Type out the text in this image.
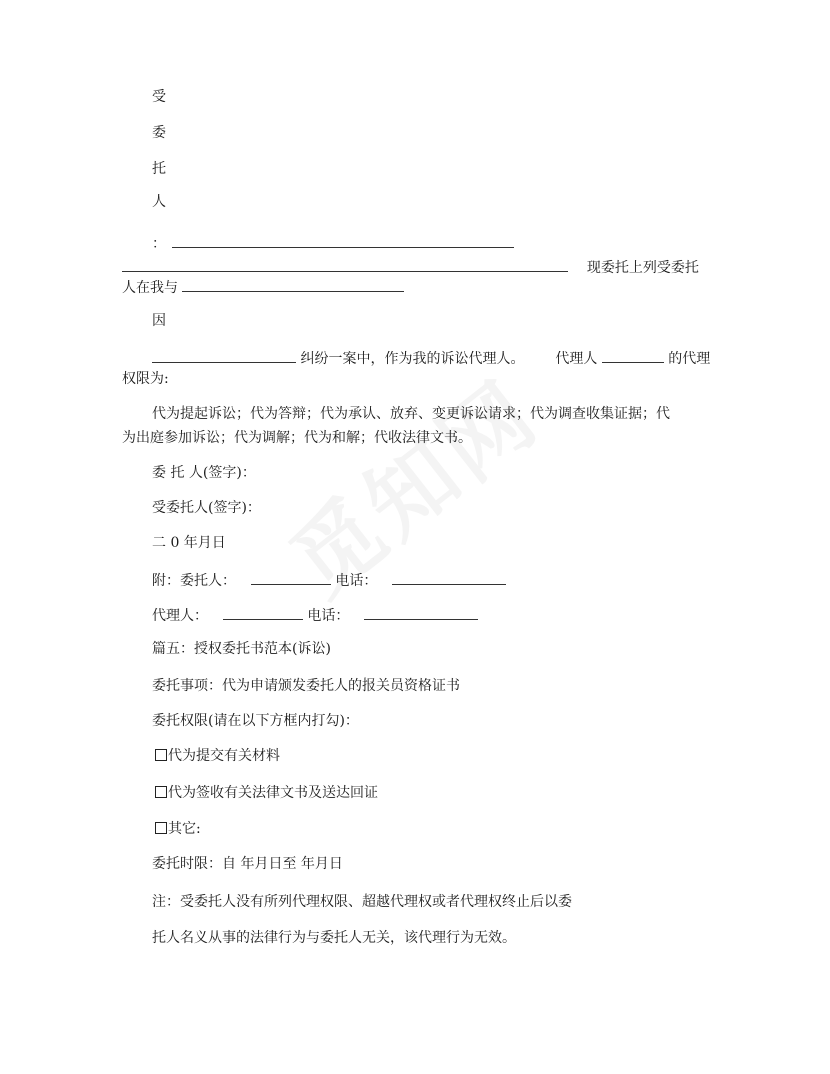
受
委
托
人
：
现委托上列受委托
人在我与
因
纠纷一案中，作为我的诉讼代理人。 代理人	的代理
权限为:
代为提起诉讼；代为答辩；代为承认、放弃、变更诉讼请求；代为调查收集证据；代
为出庭参加诉讼；代为调解；代为和解；代收法律文书。
委 托 人(签字)：
受委托人(签字)：
二 0 年月日
附：委托人：	电话：
代理人：	电话：
篇五：授权委托书范本(诉讼)
委托事项：代为申请颁发委托人的报关员资格证书
委托权限(请在以下方框内打勾)：
代为提交有关材料
代为签收有关法律文书及送达回证
其它:
委托时限：自 年月日至 年月日
注：受委托人没有所列代理权限、超越代理权或者代理权终止后以委
托人名义从事的法律行为与委托人无关，该代理行为无效。
